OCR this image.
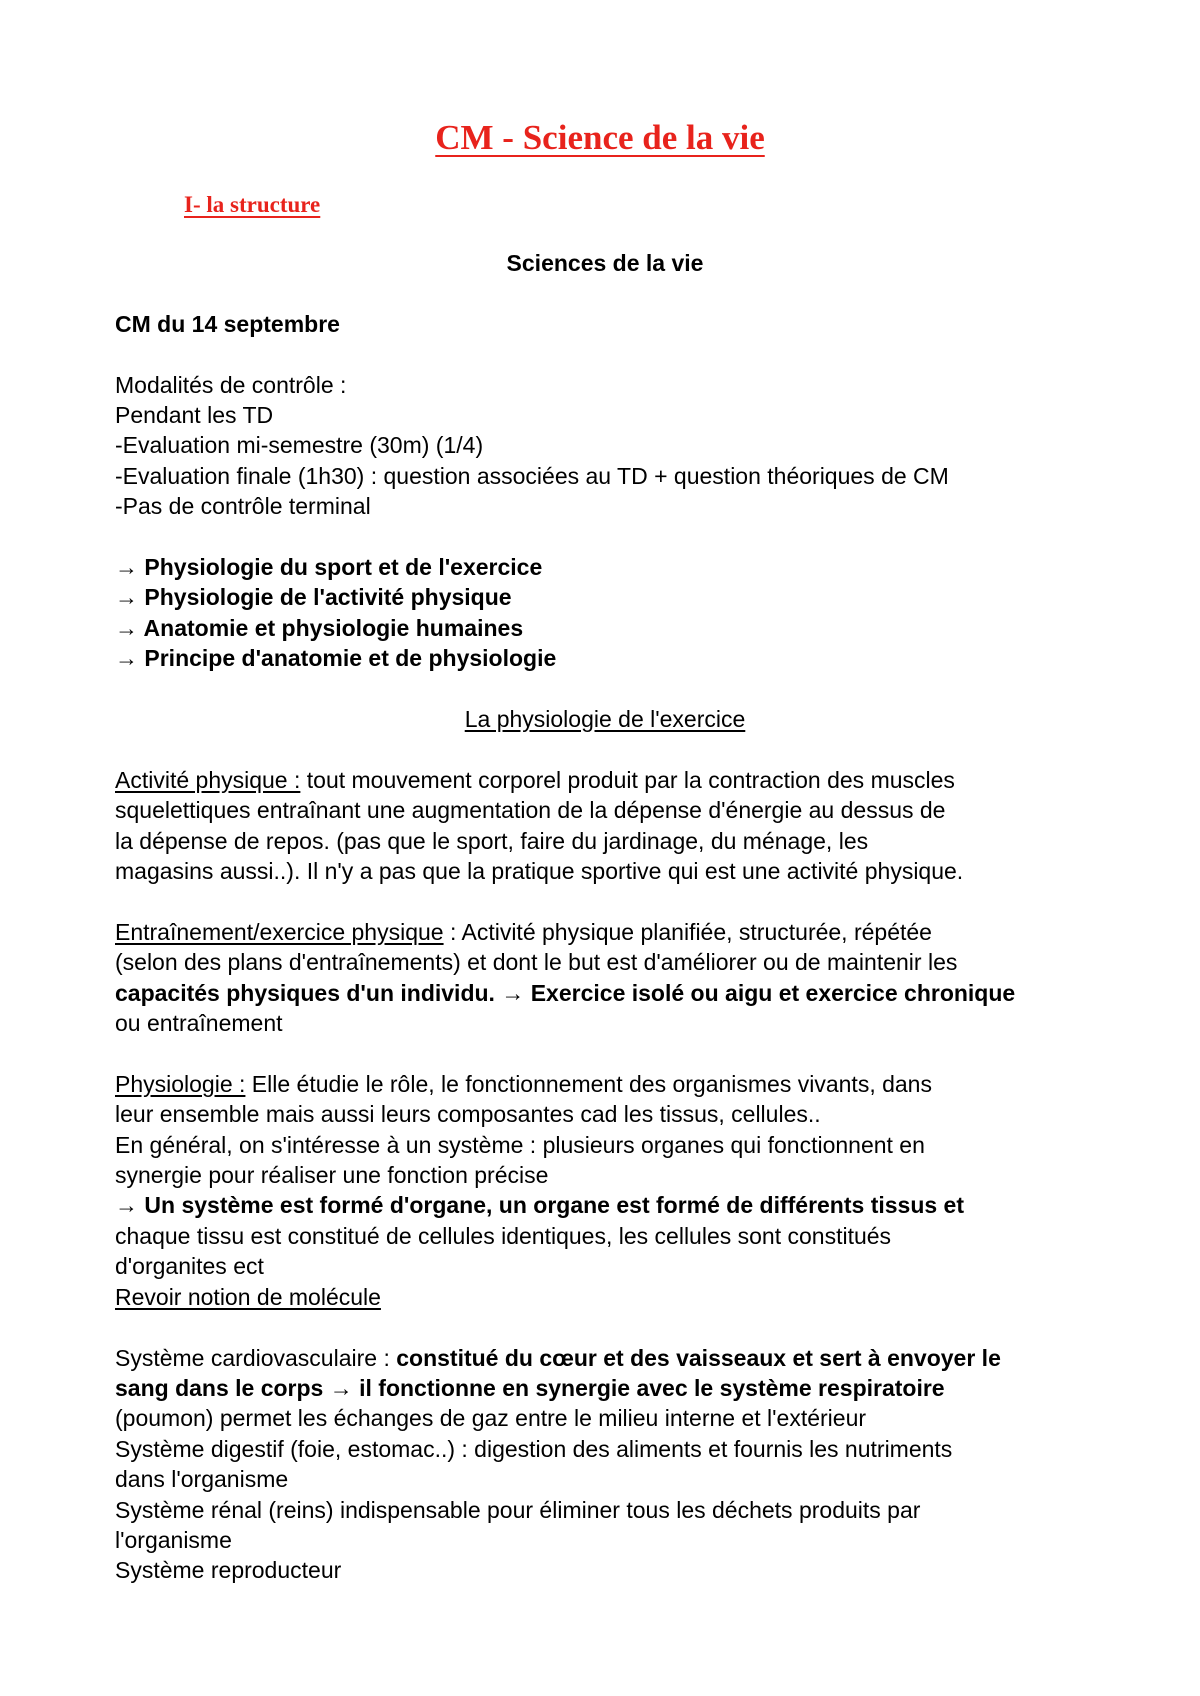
CM - Science de la vie
I- la structure

Sciences de la vie

CM du 14 septembre

Modalités de contrôle :

Pendant les TD

-Evaluation mi-semestre (30m) (1/4)

-Evaluation finale (1h30) : question associées au TD + question théoriques de CM

-Pas de contrôle terminal

→ Physiologie du sport et de l'exercice

→ Physiologie de l'activité physique

→ Anatomie et physiologie humaines

→ Principe d'anatomie et de physiologie

La physiologie de l'exercice

Activité physique : tout mouvement corporel produit par la contraction des muscles

squelettiques entraînant une augmentation de la dépense d'énergie au dessus de

la dépense de repos. (pas que le sport, faire du jardinage, du ménage, les

magasins aussi..). Il n'y a pas que la pratique sportive qui est une activité physique.

Entraînement/exercice physique : Activité physique planifiée, structurée, répétée

(selon des plans d'entraînements) et dont le but est d'améliorer ou de maintenir les

capacités physiques d'un individu. → Exercice isolé ou aigu et exercice chronique

ou entraînement

Physiologie : Elle étudie le rôle, le fonctionnement des organismes vivants, dans

leur ensemble mais aussi leurs composantes cad les tissus, cellules..

En général, on s'intéresse à un système : plusieurs organes qui fonctionnent en

synergie pour réaliser une fonction précise

→ Un système est formé d'organe, un organe est formé de différents tissus et

chaque tissu est constitué de cellules identiques, les cellules sont constitués

d'organites ect

Revoir notion de molécule

Système cardiovasculaire : constitué du cœur et des vaisseaux et sert à envoyer le

sang dans le corps → il fonctionne en synergie avec le système respiratoire

(poumon) permet les échanges de gaz entre le milieu interne et l'extérieur

Système digestif (foie, estomac..) : digestion des aliments et fournis les nutriments

dans l'organisme

Système rénal (reins) indispensable pour éliminer tous les déchets produits par

l'organisme

Système reproducteur
